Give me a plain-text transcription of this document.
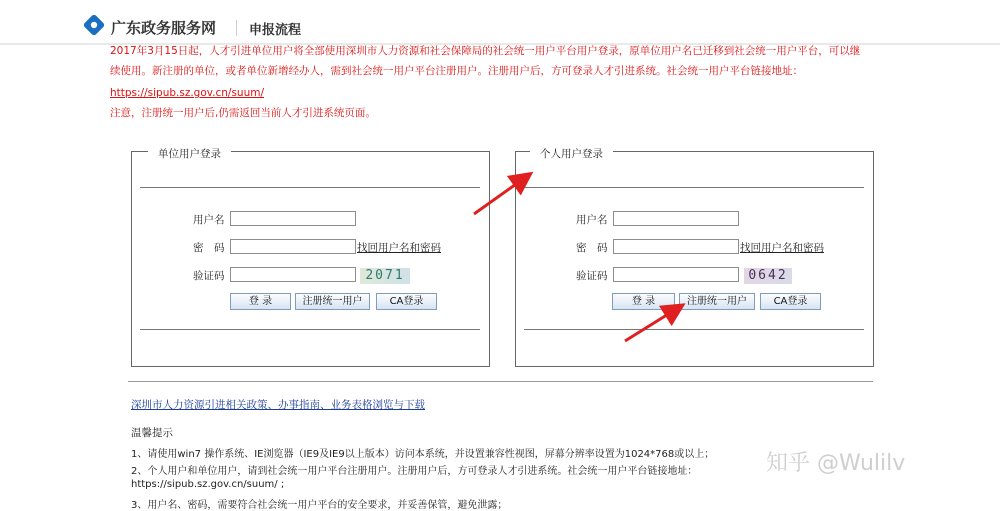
广东政务服务网	申报流程
2017年3月15日起，人才引进单位用户将全部使用深圳市人力资源和社会保障局的社会统一用户平台用户登录，原单位用户名已迁移到社会统一用户平台，可以继
续使用。新注册的单位，或者单位新增经办人，需到社会统一用户平台注册用户。注册用户后，方可登录人才引进系统。社会统一用户平台链接地址：
https://sipub.sz.gov.cn/suum/
注意，注册统一用户后,仍需返回当前人才引进系统页面。
单位用户登录
用户名
密　码	找回用户名和密码
验证码	2071
登 录	注册统一用户	CA登录
个人用户登录
用户名
密　码	找回用户名和密码
验证码	0642
登 录	注册统一用户	CA登录
深圳市人力资源引进相关政策、办事指南、业务表格浏览与下载
温馨提示
1、请使用win7 操作系统、IE浏览器（IE9及IE9以上版本）访问本系统，并设置兼容性视图，屏幕分辨率设置为1024*768或以上；
2、个人用户和单位用户，请到社会统一用户平台注册用户。注册用户后，方可登录人才引进系统。社会统一用户平台链接地址：
https://sipub.sz.gov.cn/suum/ ;
3、用户名、密码，需要符合社会统一用户平台的安全要求，并妥善保管，避免泄露；
知乎 @Wulilv
